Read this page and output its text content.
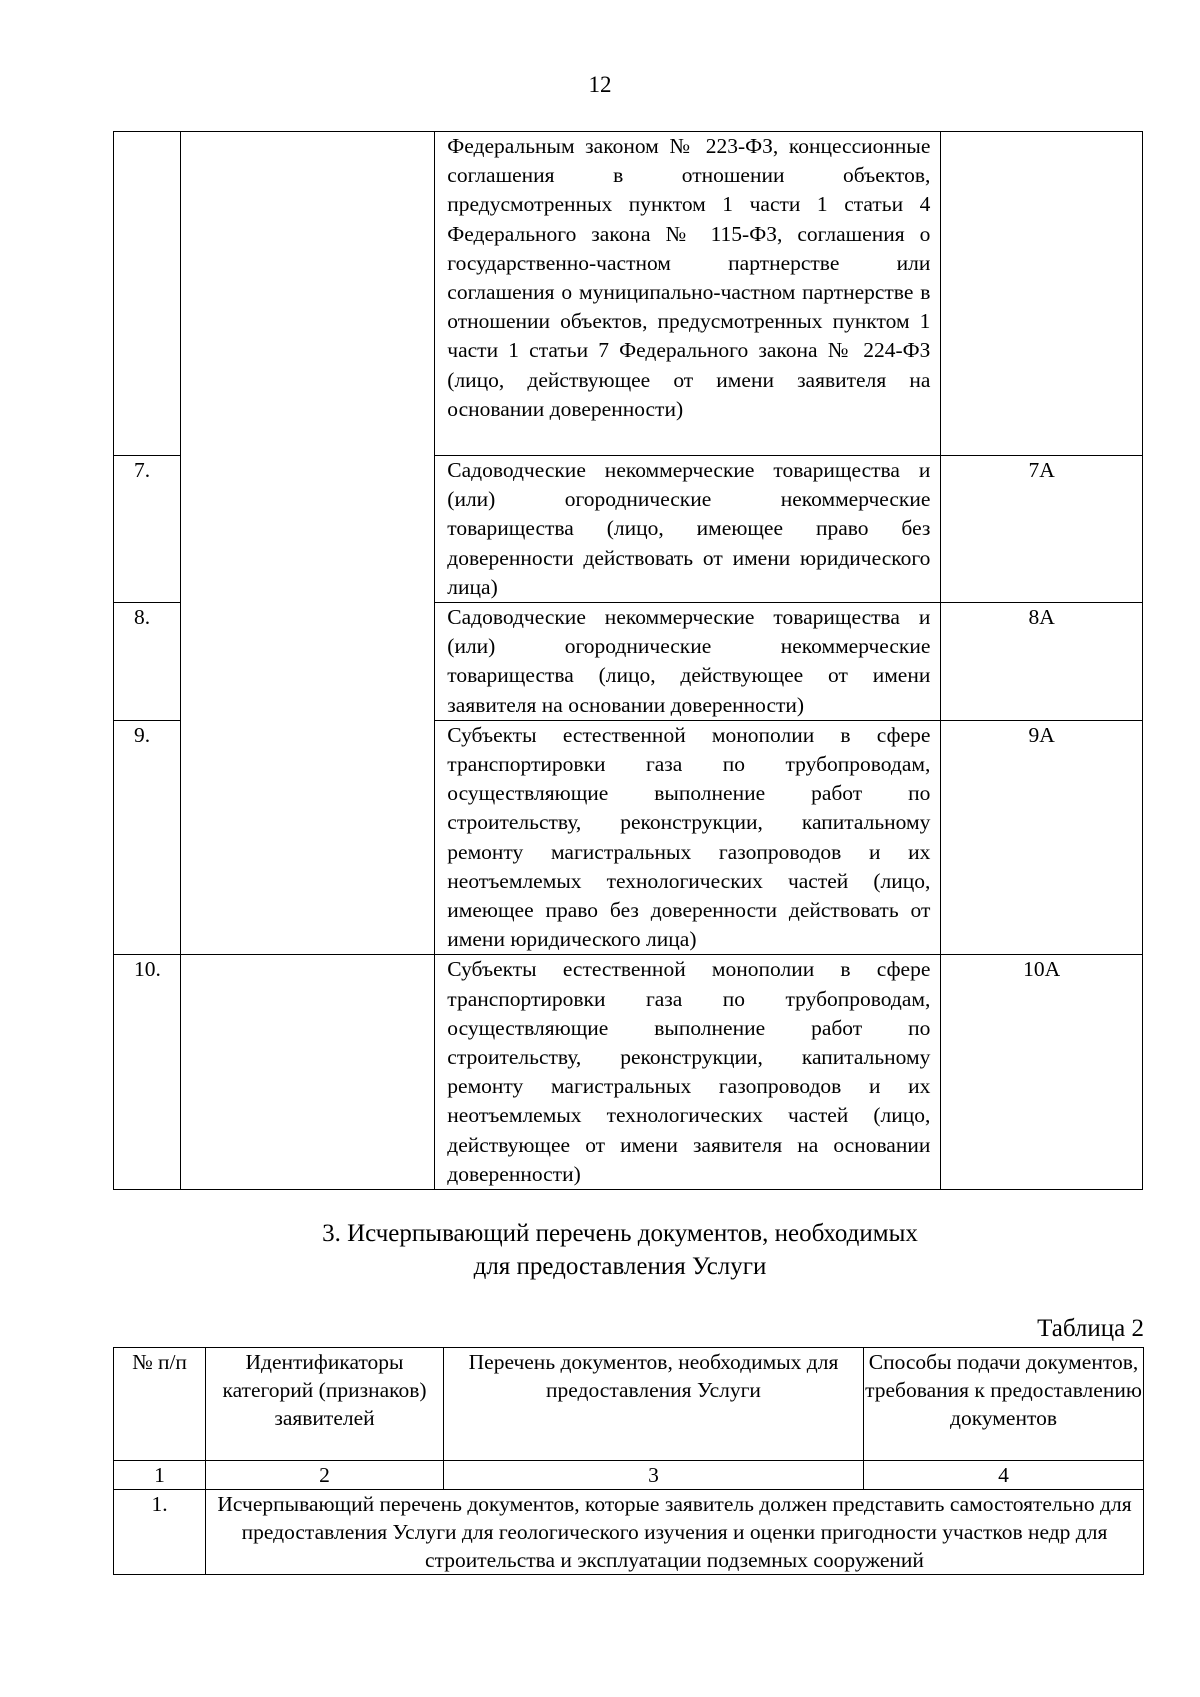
12
		Федеральным законом № 223-ФЗ, концессионные соглашения в отношении объектов, предусмотренных пунктом 1 части 1 статьи 4 Федерального закона № 115-ФЗ, соглашения о государственно-частном партнерстве или соглашения о муниципально-частном партнерстве в отношении объектов, предусмотренных пунктом 1 части 1 статьи 7 Федерального закона № 224-ФЗ (лицо, действующее от имени заявителя на основании доверенности)	
7.		Садоводческие некоммерческие товарищества и (или) огороднические некоммерческие товарищества (лицо, имеющее право без доверенности действовать от имени юридического лица)	7А
8.		Садоводческие некоммерческие товарищества и (или) огороднические некоммерческие товарищества (лицо, действующее от имени заявителя на основании доверенности)	8А
9.		Субъекты естественной монополии в сфере транспортировки газа по трубопроводам, осуществляющие выполнение работ по строительству, реконструкции, капитальному ремонту магистральных газопроводов и их неотъемлемых технологических частей (лицо, имеющее право без доверенности действовать от имени юридического лица)	9А
10.		Субъекты естественной монополии в сфере транспортировки газа по трубопроводам, осуществляющие выполнение работ по строительству, реконструкции, капитальному ремонту магистральных газопроводов и их неотъемлемых технологических частей (лицо, действующее от имени заявителя на основании доверенности)	10А
3. Исчерпывающий перечень документов, необходимых
для предоставления Услуги
Таблица 2
№ п/п	Идентификаторы категорий (признаков) заявителей	Перечень документов, необходимых для предоставления Услуги	Способы подачи документов, требования к предоставлению документов
1	2	3	4
1.	Исчерпывающий перечень документов, которые заявитель должен представить самостоятельно для предоставления Услуги для геологического изучения и оценки пригодности участков недр для строительства и эксплуатации подземных сооружений		
